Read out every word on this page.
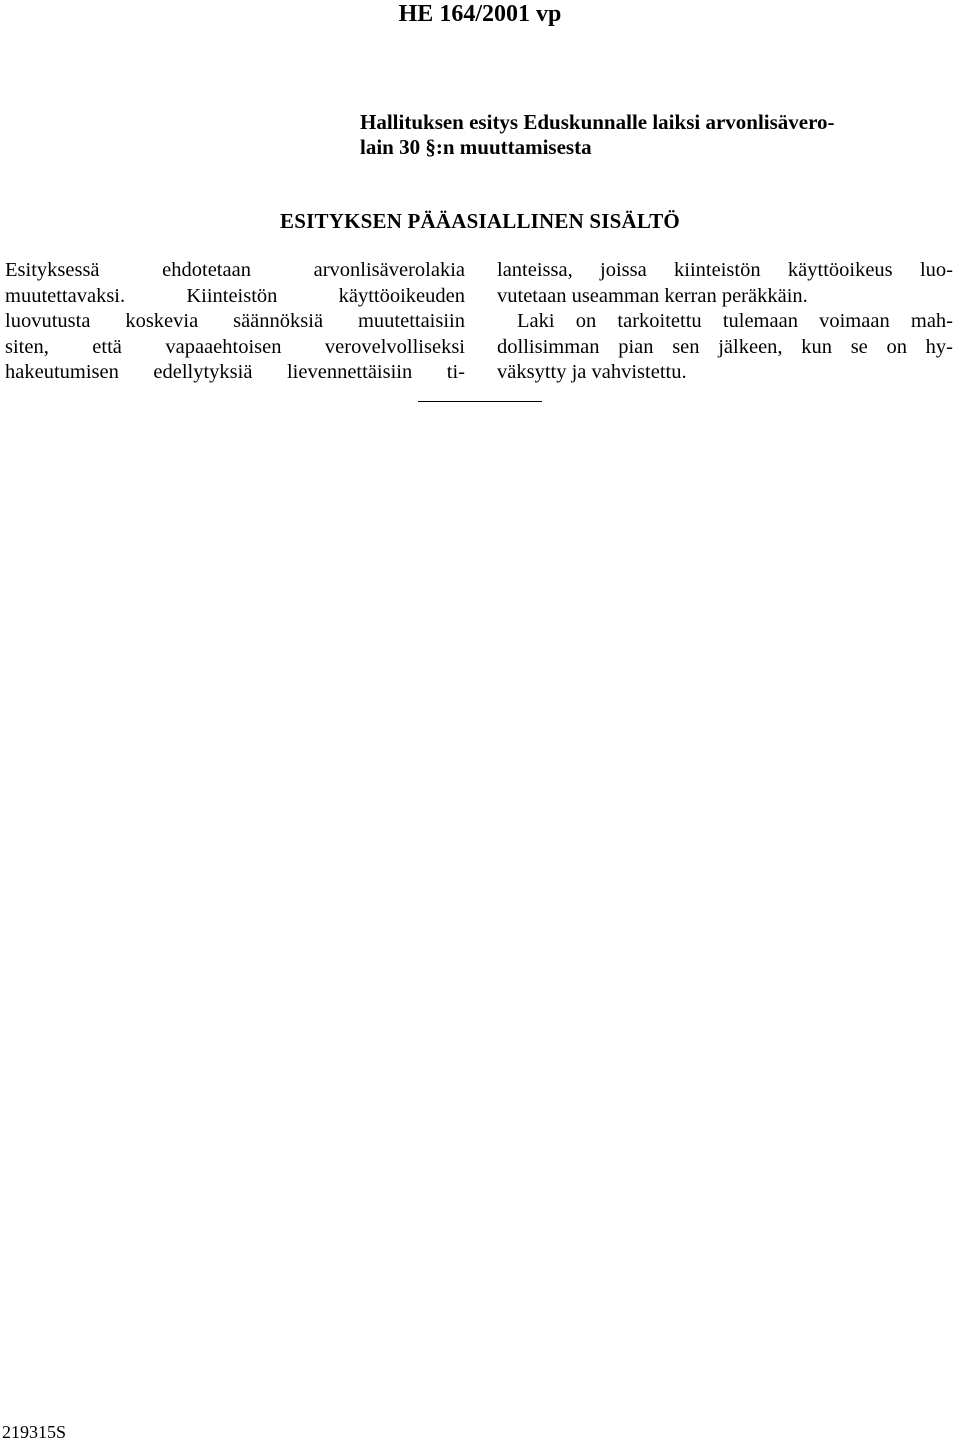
HE 164/2001 vp
Hallituksen esitys Eduskunnalle laiksi arvonlisävero-
lain 30 §:n muuttamisesta
ESITYKSEN PÄÄASIALLINEN SISÄLTÖ
Esityksessä ehdotetaan arvonlisäverolakia
muutettavaksi. Kiinteistön käyttöoikeuden
luovutusta koskevia säännöksiä muutettaisiin
siten, että vapaaehtoisen verovelvolliseksi
hakeutumisen edellytyksiä lievennettäisiin ti-
lanteissa, joissa kiinteistön käyttöoikeus luo-
vutetaan useamman kerran peräkkäin.
Laki on tarkoitettu tulemaan voimaan mah-
dollisimman pian sen jälkeen, kun se on hy-
väksytty ja vahvistettu.
219315S
